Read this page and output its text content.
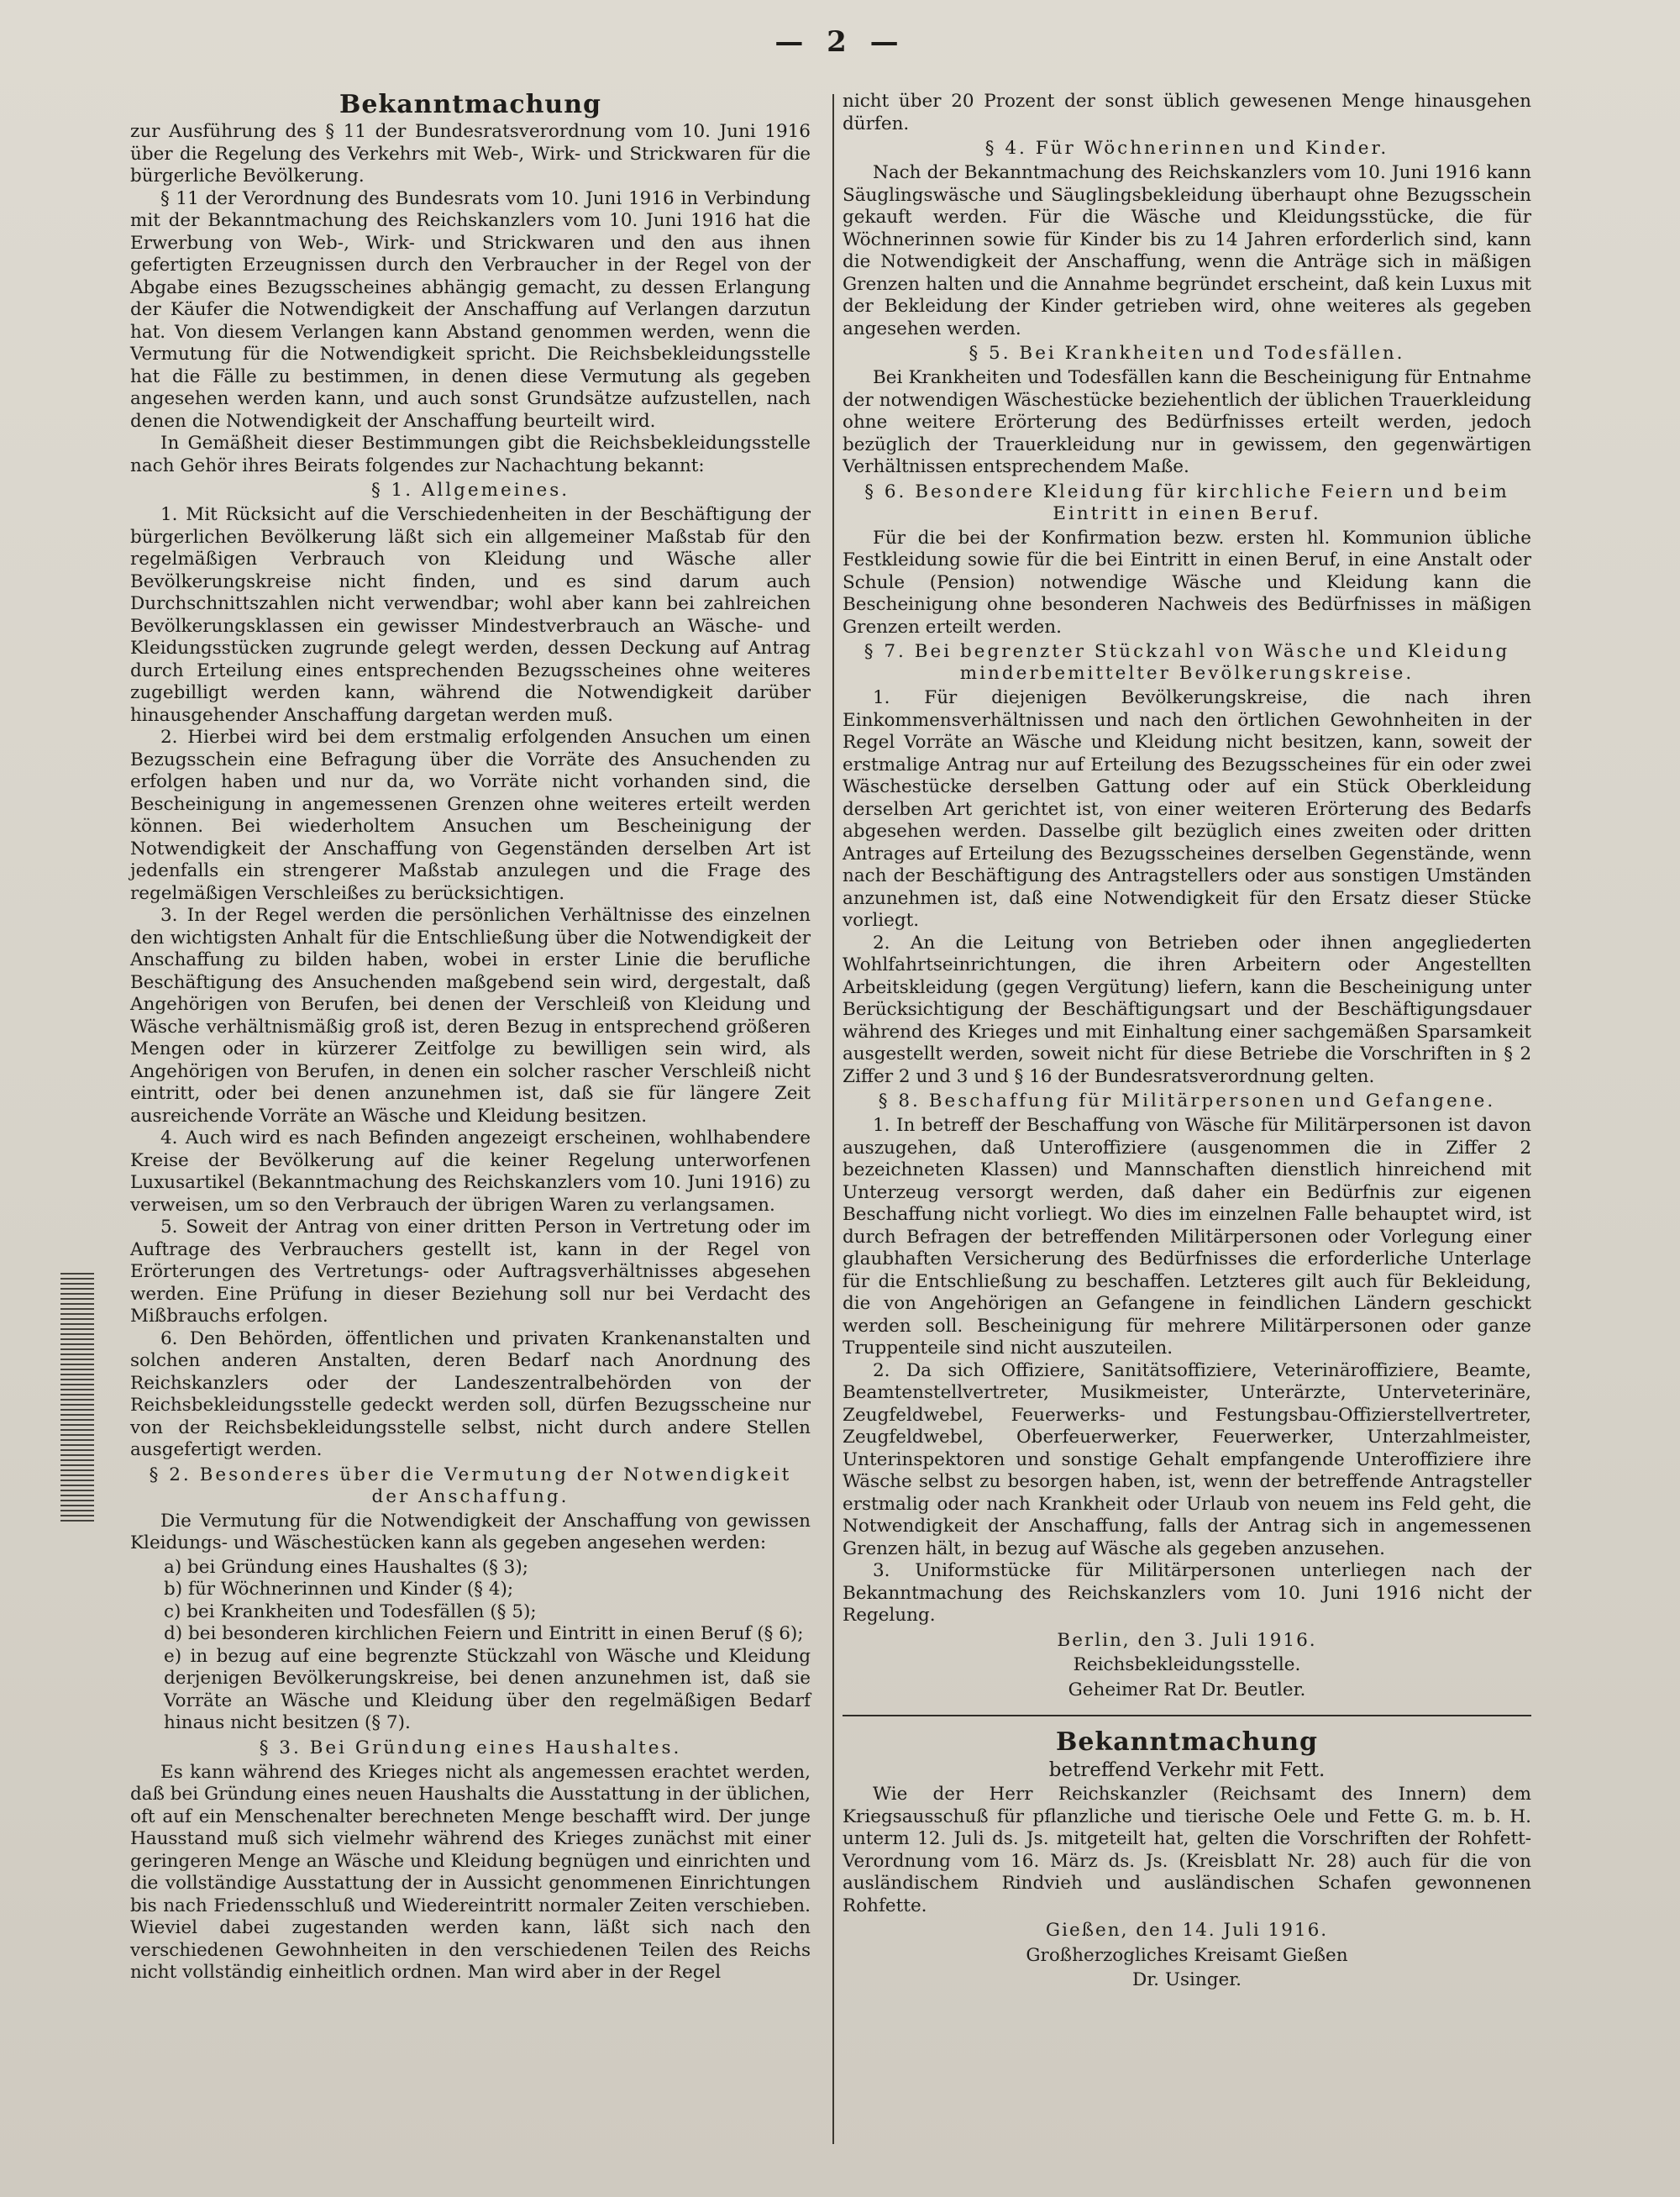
— 2 —
Bekanntmachung

zur Ausführung des § 11 der Bundesratsverordnung vom 10. Juni 1916 über die Regelung des Verkehrs mit Web-, Wirk- und Strickwaren für die bürgerliche Bevölkerung.

§ 11 der Verordnung des Bundesrats vom 10. Juni 1916 in Verbindung mit der Bekanntmachung des Reichskanzlers vom 10. Juni 1916 hat die Erwerbung von Web-, Wirk- und Strickwaren und den aus ihnen gefertigten Erzeugnissen durch den Verbraucher in der Regel von der Abgabe eines Bezugsscheines abhängig gemacht, zu dessen Erlangung der Käufer die Notwendigkeit der Anschaffung auf Verlangen darzutun hat. Von diesem Verlangen kann Abstand genommen werden, wenn die Vermutung für die Notwendigkeit spricht. Die Reichsbekleidungsstelle hat die Fälle zu bestimmen, in denen diese Vermutung als gegeben angesehen werden kann, und auch sonst Grundsätze aufzustellen, nach denen die Notwendigkeit der Anschaffung beurteilt wird.

In Gemäßheit dieser Bestimmungen gibt die Reichsbekleidungsstelle nach Gehör ihres Beirats folgendes zur Nachachtung bekannt:

§ 1. Allgemeines.

1. Mit Rücksicht auf die Verschiedenheiten in der Beschäftigung der bürgerlichen Bevölkerung läßt sich ein allgemeiner Maßstab für den regelmäßigen Verbrauch von Kleidung und Wäsche aller Bevölkerungskreise nicht finden, und es sind darum auch Durchschnittszahlen nicht verwendbar; wohl aber kann bei zahlreichen Bevölkerungsklassen ein gewisser Mindestverbrauch an Wäsche- und Kleidungsstücken zugrunde gelegt werden, dessen Deckung auf Antrag durch Erteilung eines entsprechenden Bezugsscheines ohne weiteres zugebilligt werden kann, während die Notwendigkeit darüber hinausgehender Anschaffung dargetan werden muß.

2. Hierbei wird bei dem erstmalig erfolgenden Ansuchen um einen Bezugsschein eine Befragung über die Vorräte des Ansuchenden zu erfolgen haben und nur da, wo Vorräte nicht vorhanden sind, die Bescheinigung in angemessenen Grenzen ohne weiteres erteilt werden können. Bei wiederholtem Ansuchen um Bescheinigung der Notwendigkeit der Anschaffung von Gegenständen derselben Art ist jedenfalls ein strengerer Maßstab anzulegen und die Frage des regelmäßigen Verschleißes zu berücksichtigen.

3. In der Regel werden die persönlichen Verhältnisse des einzelnen den wichtigsten Anhalt für die Entschließung über die Notwendigkeit der Anschaffung zu bilden haben, wobei in erster Linie die berufliche Beschäftigung des Ansuchenden maßgebend sein wird, dergestalt, daß Angehörigen von Berufen, bei denen der Verschleiß von Kleidung und Wäsche verhältnismäßig groß ist, deren Bezug in entsprechend größeren Mengen oder in kürzerer Zeitfolge zu bewilligen sein wird, als Angehörigen von Berufen, in denen ein solcher rascher Verschleiß nicht eintritt, oder bei denen anzunehmen ist, daß sie für längere Zeit ausreichende Vorräte an Wäsche und Kleidung besitzen.

4. Auch wird es nach Befinden angezeigt erscheinen, wohlhabendere Kreise der Bevölkerung auf die keiner Regelung unterworfenen Luxusartikel (Bekanntmachung des Reichskanzlers vom 10. Juni 1916) zu verweisen, um so den Verbrauch der übrigen Waren zu verlangsamen.

5. Soweit der Antrag von einer dritten Person in Vertretung oder im Auftrage des Verbrauchers gestellt ist, kann in der Regel von Erörterungen des Vertretungs- oder Auftragsverhältnisses abgesehen werden. Eine Prüfung in dieser Beziehung soll nur bei Verdacht des Mißbrauchs erfolgen.

6. Den Behörden, öffentlichen und privaten Krankenanstalten und solchen anderen Anstalten, deren Bedarf nach Anordnung des Reichskanzlers oder der Landeszentralbehörden von der Reichsbekleidungsstelle gedeckt werden soll, dürfen Bezugsscheine nur von der Reichsbekleidungsstelle selbst, nicht durch andere Stellen ausgefertigt werden.

§ 2. Besonderes über die Vermutung der Notwendigkeit der Anschaffung.

Die Vermutung für die Notwendigkeit der Anschaffung von gewissen Kleidungs- und Wäschestücken kann als gegeben angesehen werden:

a) bei Gründung eines Haushaltes (§ 3);
b) für Wöchnerinnen und Kinder (§ 4);
c) bei Krankheiten und Todesfällen (§ 5);
d) bei besonderen kirchlichen Feiern und Eintritt in einen Beruf (§ 6);
e) in bezug auf eine begrenzte Stückzahl von Wäsche und Kleidung derjenigen Bevölkerungskreise, bei denen anzunehmen ist, daß sie Vorräte an Wäsche und Kleidung über den regelmäßigen Bedarf hinaus nicht besitzen (§ 7).
§ 3. Bei Gründung eines Haushaltes.

Es kann während des Krieges nicht als angemessen erachtet werden, daß bei Gründung eines neuen Haushalts die Ausstattung in der üblichen, oft auf ein Menschenalter berechneten Menge beschafft wird. Der junge Hausstand muß sich vielmehr während des Krieges zunächst mit einer geringeren Menge an Wäsche und Kleidung begnügen und einrichten und die vollständige Ausstattung der in Aussicht genommenen Einrichtungen bis nach Friedensschluß und Wiedereintritt normaler Zeiten verschieben. Wieviel dabei zugestanden werden kann, läßt sich nach den verschiedenen Gewohnheiten in den verschiedenen Teilen des Reichs nicht vollständig einheitlich ordnen. Man wird aber in der Regel

nicht über 20 Prozent der sonst üblich gewesenen Menge hinausgehen dürfen.

§ 4. Für Wöchnerinnen und Kinder.

Nach der Bekanntmachung des Reichskanzlers vom 10. Juni 1916 kann Säuglingswäsche und Säuglingsbekleidung überhaupt ohne Bezugsschein gekauft werden. Für die Wäsche und Kleidungsstücke, die für Wöchnerinnen sowie für Kinder bis zu 14 Jahren erforderlich sind, kann die Notwendigkeit der Anschaffung, wenn die Anträge sich in mäßigen Grenzen halten und die Annahme begründet erscheint, daß kein Luxus mit der Bekleidung der Kinder getrieben wird, ohne weiteres als gegeben angesehen werden.

§ 5. Bei Krankheiten und Todesfällen.

Bei Krankheiten und Todesfällen kann die Bescheinigung für Entnahme der notwendigen Wäschestücke beziehentlich der üblichen Trauerkleidung ohne weitere Erörterung des Bedürfnisses erteilt werden, jedoch bezüglich der Trauerkleidung nur in gewissem, den gegenwärtigen Verhältnissen entsprechendem Maße.

§ 6. Besondere Kleidung für kirchliche Feiern und beim Eintritt in einen Beruf.

Für die bei der Konfirmation bezw. ersten hl. Kommunion übliche Festkleidung sowie für die bei Eintritt in einen Beruf, in eine Anstalt oder Schule (Pension) notwendige Wäsche und Kleidung kann die Bescheinigung ohne besonderen Nachweis des Bedürfnisses in mäßigen Grenzen erteilt werden.

§ 7. Bei begrenzter Stückzahl von Wäsche und Kleidung minderbemittelter Bevölkerungskreise.

1. Für diejenigen Bevölkerungskreise, die nach ihren Einkommensverhältnissen und nach den örtlichen Gewohnheiten in der Regel Vorräte an Wäsche und Kleidung nicht besitzen, kann, soweit der erstmalige Antrag nur auf Erteilung des Bezugsscheines für ein oder zwei Wäschestücke derselben Gattung oder auf ein Stück Oberkleidung derselben Art gerichtet ist, von einer weiteren Erörterung des Bedarfs abgesehen werden. Dasselbe gilt bezüglich eines zweiten oder dritten Antrages auf Erteilung des Bezugsscheines derselben Gegenstände, wenn nach der Beschäftigung des Antragstellers oder aus sonstigen Umständen anzunehmen ist, daß eine Notwendigkeit für den Ersatz dieser Stücke vorliegt.

2. An die Leitung von Betrieben oder ihnen angegliederten Wohlfahrtseinrichtungen, die ihren Arbeitern oder Angestellten Arbeitskleidung (gegen Vergütung) liefern, kann die Bescheinigung unter Berücksichtigung der Beschäftigungsart und der Beschäftigungsdauer während des Krieges und mit Einhaltung einer sachgemäßen Sparsamkeit ausgestellt werden, soweit nicht für diese Betriebe die Vorschriften in § 2 Ziffer 2 und 3 und § 16 der Bundesratsverordnung gelten.

§ 8. Beschaffung für Militärpersonen und Gefangene.

1. In betreff der Beschaffung von Wäsche für Militärpersonen ist davon auszugehen, daß Unteroffiziere (ausgenommen die in Ziffer 2 bezeichneten Klassen) und Mannschaften dienstlich hinreichend mit Unterzeug versorgt werden, daß daher ein Bedürfnis zur eigenen Beschaffung nicht vorliegt. Wo dies im einzelnen Falle behauptet wird, ist durch Befragen der betreffenden Militärpersonen oder Vorlegung einer glaubhaften Versicherung des Bedürfnisses die erforderliche Unterlage für die Entschließung zu beschaffen. Letzteres gilt auch für Bekleidung, die von Angehörigen an Gefangene in feindlichen Ländern geschickt werden soll. Bescheinigung für mehrere Militärpersonen oder ganze Truppenteile sind nicht auszuteilen.

2. Da sich Offiziere, Sanitätsoffiziere, Veterinäroffiziere, Beamte, Beamtenstellvertreter, Musikmeister, Unterärzte, Unterveterinäre, Zeugfeldwebel, Feuerwerks- und Festungsbau-Offizierstellvertreter, Zeugfeldwebel, Oberfeuerwerker, Feuerwerker, Unterzahlmeister, Unterinspektoren und sonstige Gehalt empfangende Unteroffiziere ihre Wäsche selbst zu besorgen haben, ist, wenn der betreffende Antragsteller erstmalig oder nach Krankheit oder Urlaub von neuem ins Feld geht, die Notwendigkeit der Anschaffung, falls der Antrag sich in angemessenen Grenzen hält, in bezug auf Wäsche als gegeben anzusehen.

3. Uniformstücke für Militärpersonen unterliegen nach der Bekanntmachung des Reichskanzlers vom 10. Juni 1916 nicht der Regelung.

Berlin, den 3. Juli 1916.
Reichsbekleidungsstelle.
Geheimer Rat Dr. Beutler.
Bekanntmachung
betreffend Verkehr mit Fett.

Wie der Herr Reichskanzler (Reichsamt des Innern) dem Kriegsausschuß für pflanzliche und tierische Oele und Fette G. m. b. H. unterm 12. Juli ds. Js. mitgeteilt hat, gelten die Vorschriften der Rohfett-Verordnung vom 16. März ds. Js. (Kreisblatt Nr. 28) auch für die von ausländischem Rindvieh und ausländischen Schafen gewonnenen Rohfette.

Gießen, den 14. Juli 1916.
Großherzogliches Kreisamt Gießen
Dr. Usinger.
